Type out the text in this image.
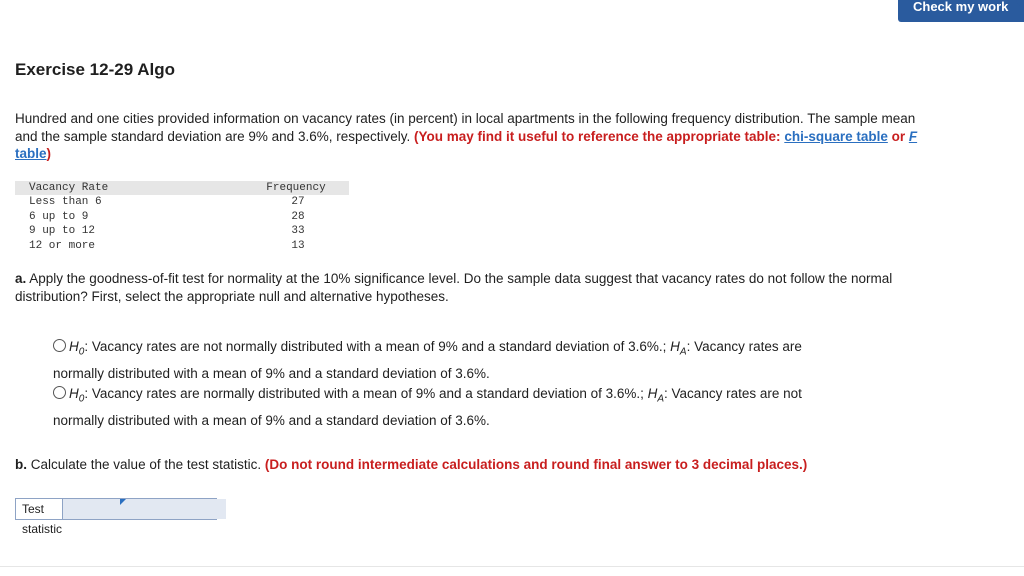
Check my work
Exercise 12-29 Algo

Hundred and one cities provided information on vacancy rates (in percent) in local apartments in the following frequency distribution. The sample mean and the sample standard deviation are 9% and 3.6%, respectively. (You may find it useful to reference the appropriate table: chi-square table or F table)

Vacancy Rate	Frequency
Less than 6	27
6 up to 9	28
9 up to 12	33
12 or more	13

a. Apply the goodness-of-fit test for normality at the 10% significance level. Do the sample data suggest that vacancy rates do not follow the normal distribution? First, select the appropriate null and alternative hypotheses.

$H_0$: Vacancy rates are not normally distributed with a mean of 9% and a standard deviation of 3.6%.; $H_A$: Vacancy rates are
normally distributed with a mean of 9% and a standard deviation of 3.6%.
$H_0$: Vacancy rates are normally distributed with a mean of 9% and a standard deviation of 3.6%.; $H_A$: Vacancy rates are not
normally distributed with a mean of 9% and a standard deviation of 3.6%.

b. Calculate the value of the test statistic. (Do not round intermediate calculations and round final answer to 3 decimal places.)

Test statistic
